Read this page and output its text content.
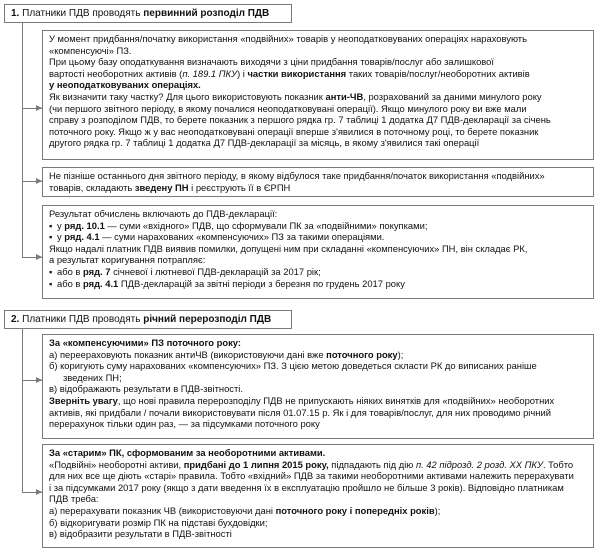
1. Платники ПДВ проводять первинний розподіл ПДВ

У момент придбання/початку використання «подвійних» товарів у неоподатковуваних операціях нараховують

«компенсуючі» ПЗ.

При цьому базу оподаткування визначають виходячи з ціни придбання товарів/послуг або залишкової

вартості необоротних активів (п. 189.1 ПКУ) і частки використання таких товарів/послуг/необоротних активів

у неоподатковуваних операціях.

Як визначити таку частку? Для цього використовують показник анти-ЧВ, розрахований за даними минулого року

(чи першого звітного періоду, в якому почалися неоподатковувані операції). Якщо минулого року ви вже мали

справу з розподілом ПДВ, то берете показник з першого рядка гр. 7 таблиці 1 додатка Д7 ПДВ-декларації за січень

поточного року. Якщо ж у вас неоподатковувані операції вперше з'явилися в поточному році, то берете показник

другого рядка гр. 7 таблиці 1 додатка Д7 ПДВ-декларації за місяць, в якому з'явилися такі операції

Не пізніше останнього дня звітного періоду, в якому відбулося таке придбання/початок використання «подвійних»

товарів, складають зведену ПН і реєструють її в ЄРПН

Результат обчислень включають до ПДВ-декларації:

▪ у ряд. 10.1 — суми «вхідного» ПДВ, що сформували ПК за «подвійними» покупками;

▪ у ряд. 4.1 — суми нарахованих «компенсуючих» ПЗ за такими операціями.

Якщо надалі платник ПДВ виявив помилки, допущені ним при складанні «компенсуючих» ПН, він складає РК,

а результат коригування потрапляє:

▪ або в ряд. 7 січневої і лютневої ПДВ-декларацій за 2017 рік;

▪ або в ряд. 4.1 ПДВ-декларацій за звітні періоди з березня по грудень 2017 року

2. Платники ПДВ проводять річний перерозподіл ПДВ

За «компенсуючими» ПЗ поточного року:

а) переераховують показник антиЧВ (використовуючи дані вже поточного року);

б) коригують суму нарахованих «компенсуючих» ПЗ. З цією метою доведеться скласти РК до виписаних раніше

зведених ПН;

в) відображають результати в ПДВ-звітності.

Зверніть увагу, що нові правила перерозподілу ПДВ не припускають ніяких винятків для «подвійних» необоротних

активів, які придбали / почали використовувати після 01.07.15 р. Як і для товарів/послуг, для них проводимо річний

перерахунок тільки один раз, — за підсумками поточного року

За «старим» ПК, сформованим за необоротними активами.

«Подвійні» необоротні активи, придбані до 1 липня 2015 року, підпадають під дію п. 42 підрозд. 2 розд. XX ПКУ. Тобто

для них все ще діють «старі» правила. Тобто «вхідний» ПДВ за такими необоротними активами належить перерахувати

і за підсумками 2017 року (якщо з дати введення їх в експлуатацію пройшло не більше 3 років). Відповідно платникам

ПДВ треба:

а) перерахувати показник ЧВ (використовуючи дані поточного року і попередніх років);

б) відкоригувати розмір ПК на підставі бухдовідки;

в) відобразити результати в ПДВ-звітності
